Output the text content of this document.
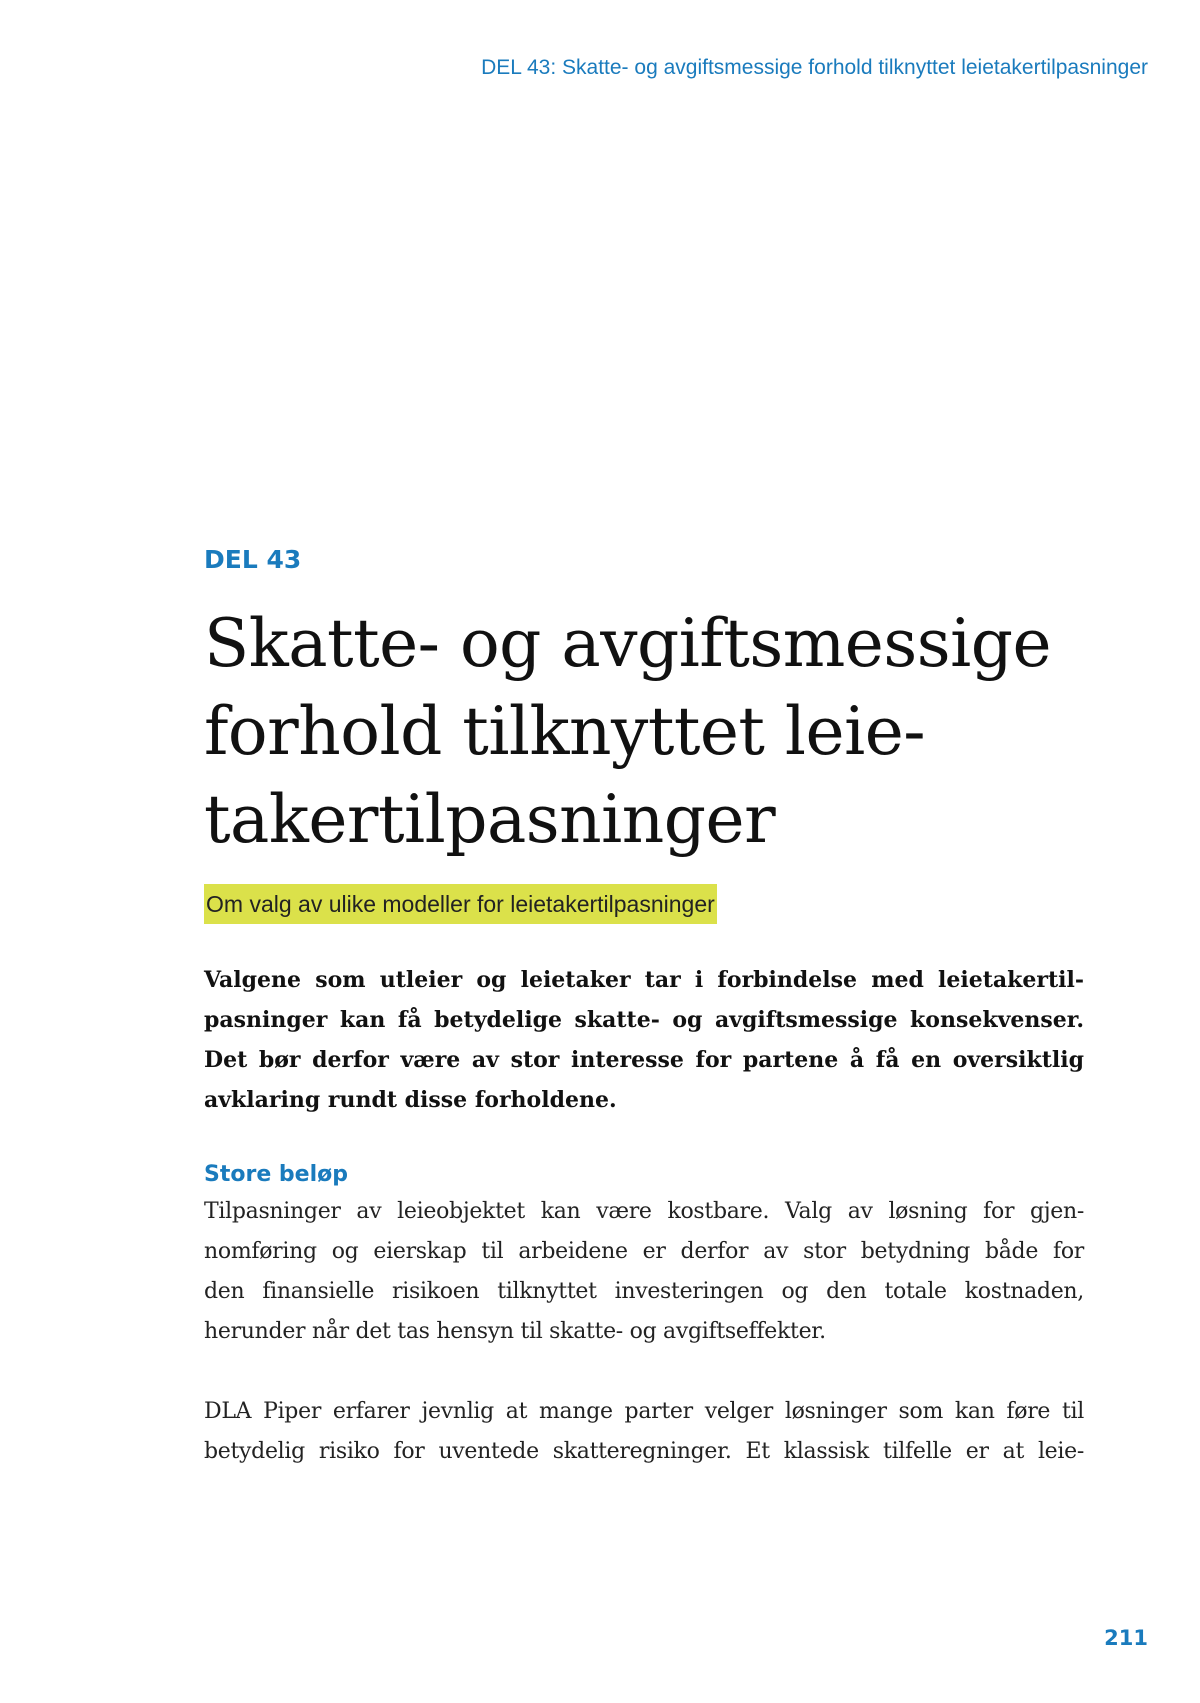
DEL 43: Skatte- og avgiftsmessige forhold tilknyttet leietakertilpasninger

DEL 43

Skatte- og avgiftsmessige
forhold tilknyttet leie-
takertilpasninger
Om valg av ulike modeller for leietakertilpasninger

Valgene som utleier og leietaker tar i forbindelse med leietakertil-
pasninger kan få betydelige skatte- og avgiftsmessige konsekvenser.
Det bør derfor være av stor interesse for partene å få en oversiktlig
avklaring rundt disse forholdene.

Store beløp

Tilpasninger av leieobjektet kan være kostbare. Valg av løsning for gjen-
nomføring og eierskap til arbeidene er derfor av stor betydning både for
den finansielle risikoen tilknyttet investeringen og den totale kostnaden,
herunder når det tas hensyn til skatte- og avgiftseffekter.

DLA Piper erfarer jevnlig at mange parter velger løsninger som kan føre til
betydelig risiko for uventede skatteregninger. Et klassisk tilfelle er at leie-

211
